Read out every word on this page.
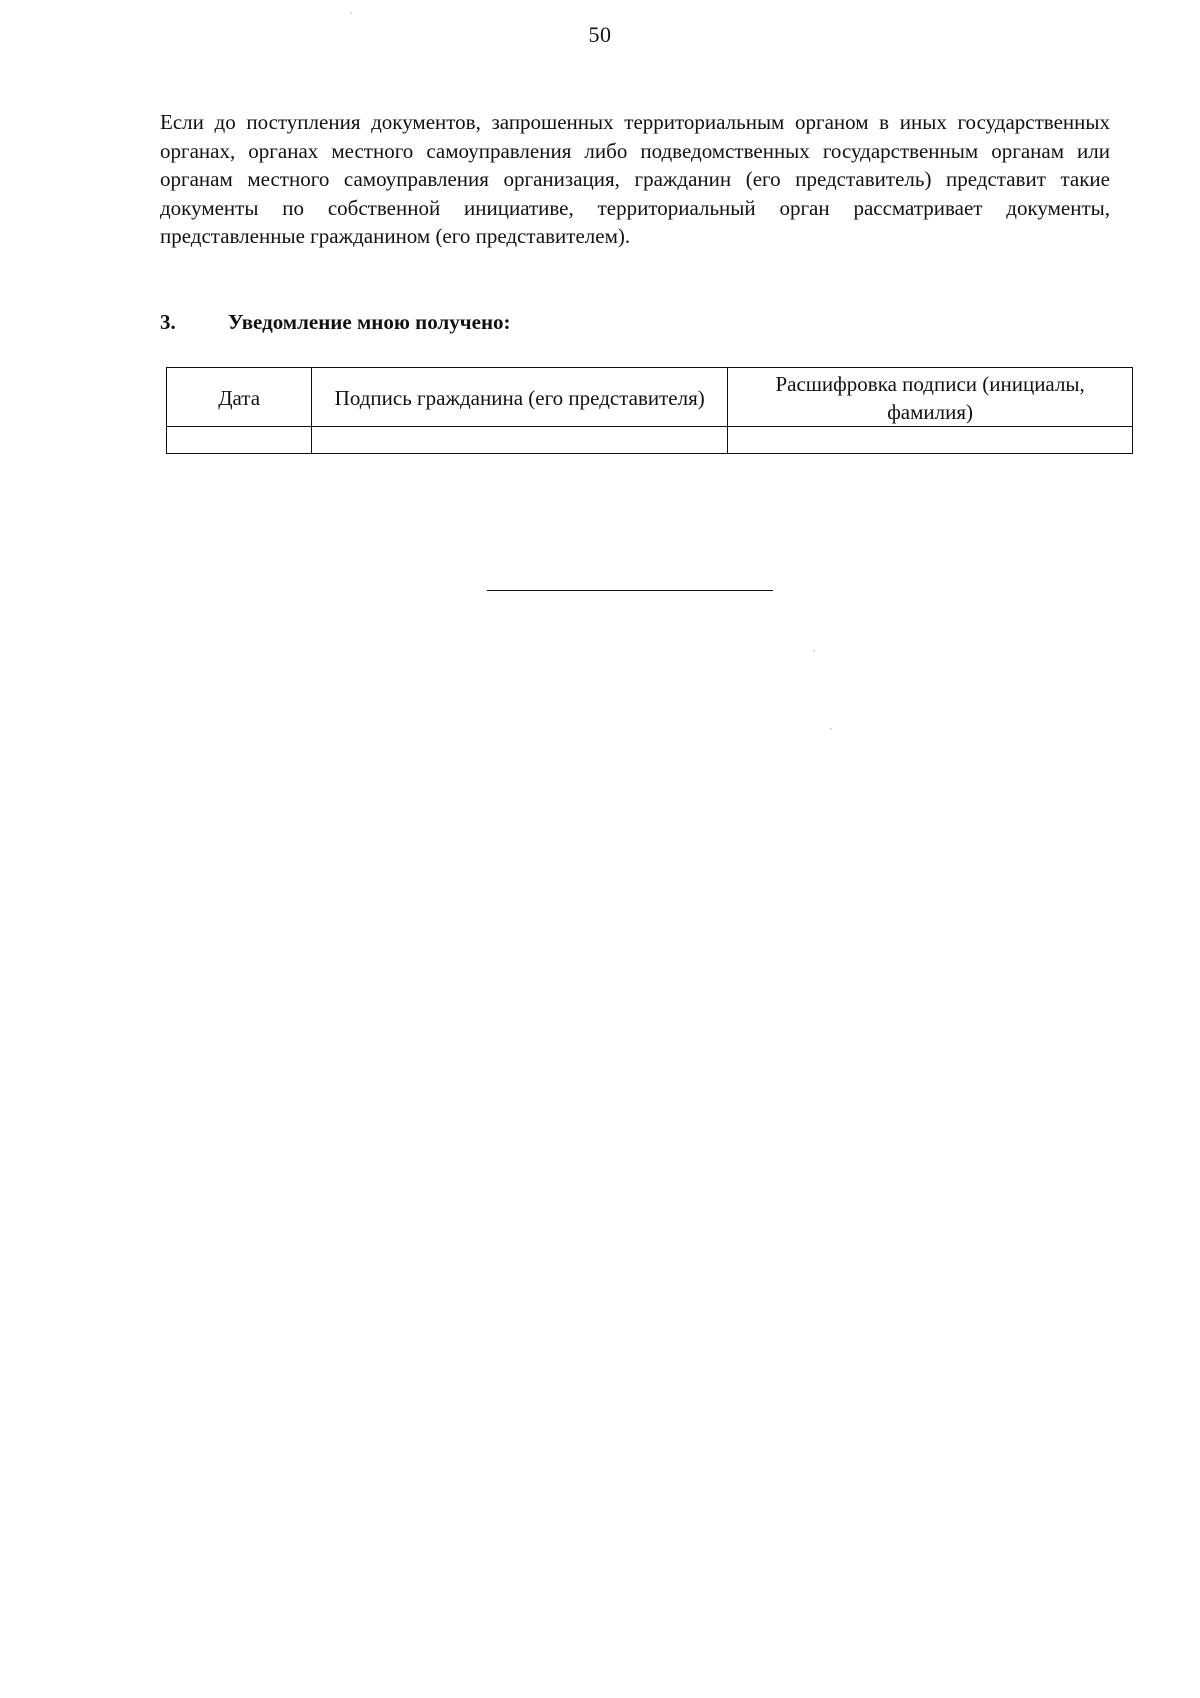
50
Если до поступления документов, запрошенных территориальным органом в иных государственных органах, органах местного самоуправления либо подведомственных государственным органам или органам местного самоуправления организация, гражданин (его представитель) представит такие документы по собственной инициативе, территориальный орган рассматривает документы, представленные гражданином (его представителем).
3. Уведомление мною получено:
Дата	Подпись гражданина (его представителя)	Расшифровка подписи (инициалы, фамилия)
